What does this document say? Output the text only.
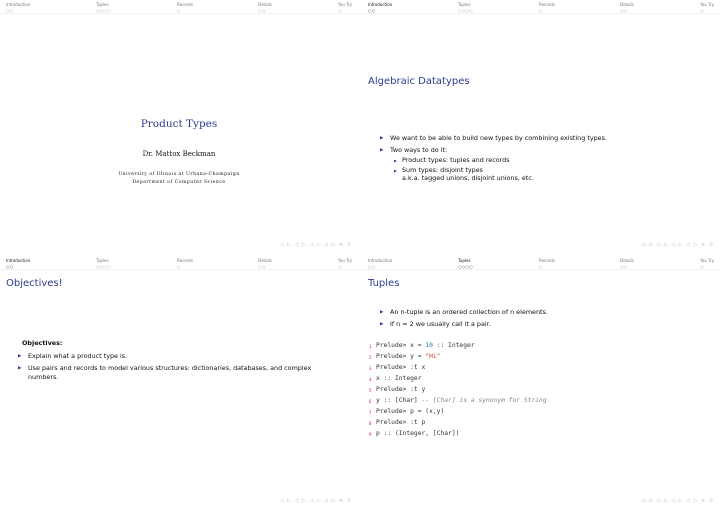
Introduction
○○
Tuples
○○○○
Records
○
Details
○○
You Try
○
Product Types
Dr. Mattox Beckman
University of Illinois at Urbana-Champaign
Department of Computer Science
◁ ▷ ◁ ▷ ◁ ▷ ◁ ▷ ≡ ↺
Introduction
○○
Tuples
○○○○
Records
○
Details
○○
You Try
○
Algebraic Datatypes
▶ We want to be able to build new types by combining existing types.
▶ Two ways to do it:
▶ Product types: tuples and records
▶ Sum types: disjoint types
a.k.a. tagged unions, disjoint unions, etc.
◁ ▷ ◁ ▷ ◁ ▷ ◁ ▷ ≡ ↺
Introduction
○○
Tuples
○○○○
Records
○
Details
○○
You Try
○
Objectives!
Objectives:
▶ Explain what a product type is.
▶ Use pairs and records to model various structures: dictionaries, databases, and complex numbers.
◁ ▷ ◁ ▷ ◁ ▷ ◁ ▷ ≡ ↺
Introduction
○○
Tuples
○○○○
Records
○
Details
○○
You Try
○
Tuples
▶ An n-tuple is an ordered collection of n elements.
▶ If n = 2 we usually call it a pair.
1 Prelude> x = 10 :: Integer
2 Prelude> y = "Hi"
3 Prelude> :t x
4 x :: Integer
5 Prelude> :t y
6 y :: [Char] -- [Char] is a synonym for String
7 Prelude> p = (x,y)
8 Prelude> :t p
9 p :: (Integer, [Char])
◁ ▷ ◁ ▷ ◁ ▷ ◁ ▷ ≡ ↺
